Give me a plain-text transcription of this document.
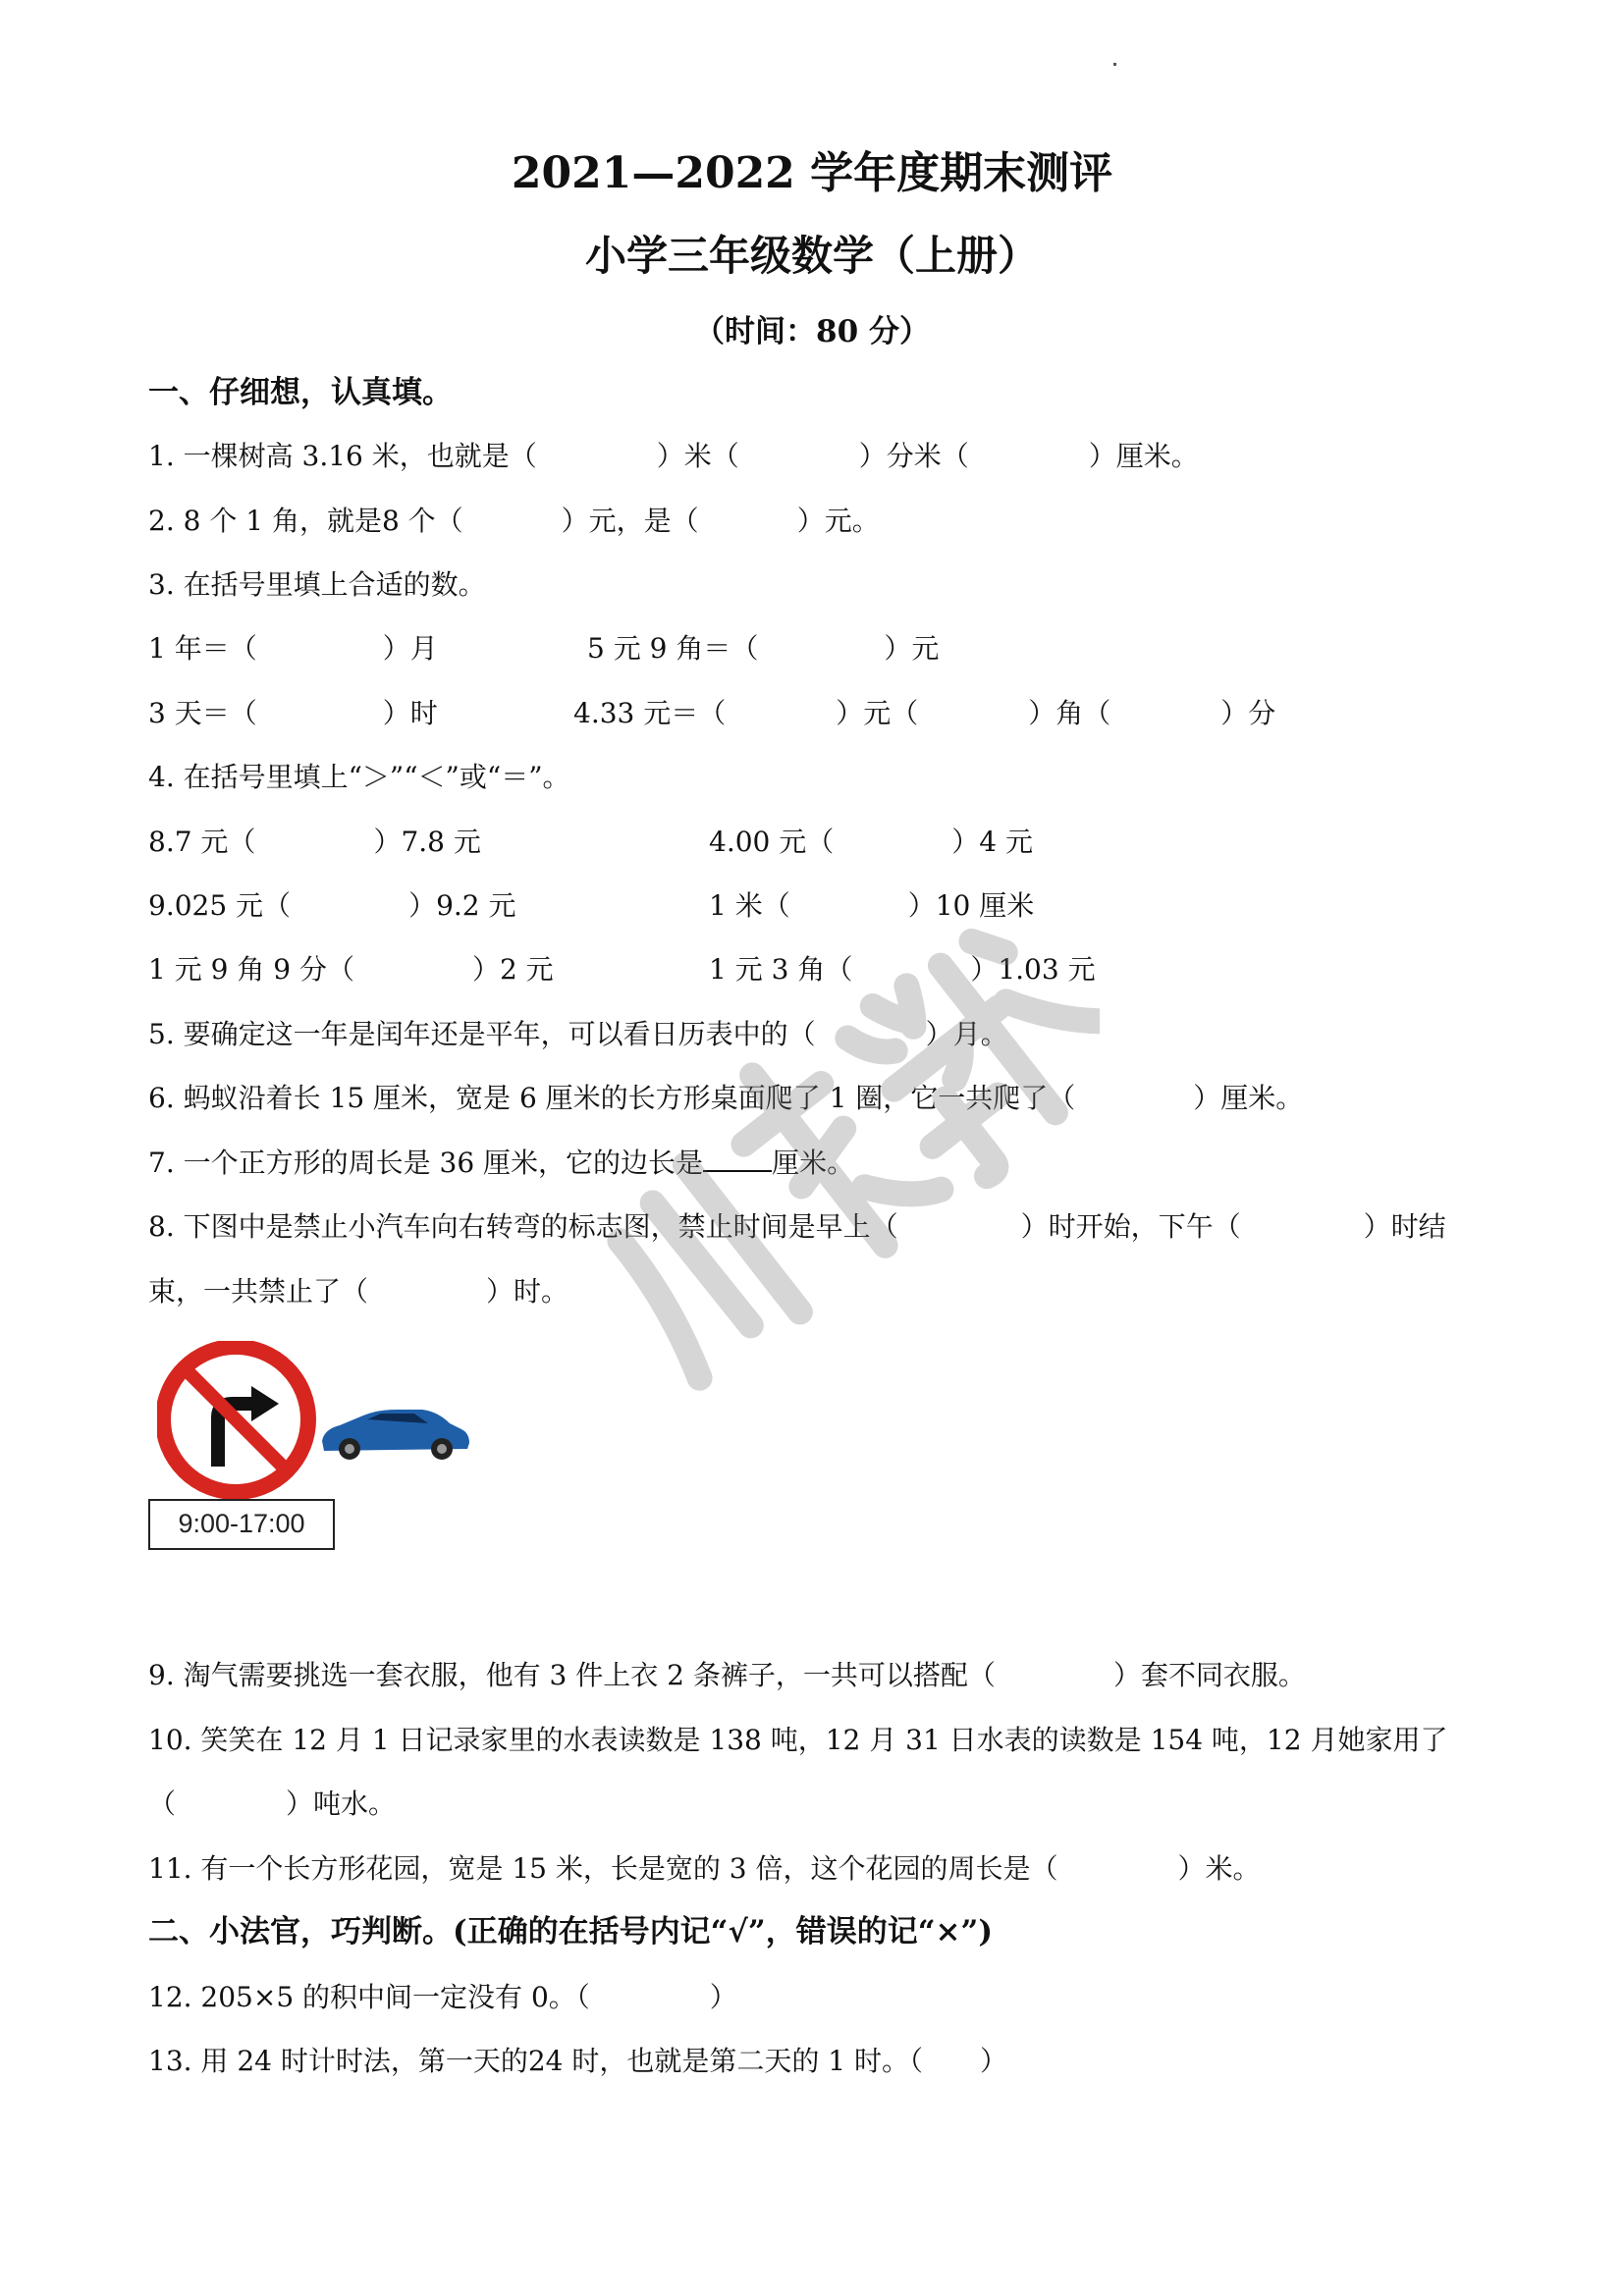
2021—2022 学年度期末测评
小学三年级数学（上册）
（时间：80 分）
一、仔细想，认真填。
1. 一棵树高 3.16 米，也就是（	）米（	）分米（	）厘米。
2. 8 个 1 角，就是8 个（	）元，是（	）元。
3. 在括号里填上合适的数。
1 年＝（	）月	5 元 9 角＝（	）元
3 天＝（	）时	4.33 元＝（	）元（	）角（	）分
4. 在括号里填上“＞”“＜”或“＝”。
8.7 元（	）7.8 元	4.00 元（	）4 元
9.025 元（	）9.2 元	1 米（	）10 厘米
1 元 9 角 9 分（	）2 元	1 元 3 角（	）1.03 元
5. 要确定这一年是闰年还是平年，可以看日历表中的（	）月。
6. 蚂蚁沿着长 15 厘米，宽是 6 厘米的长方形桌面爬了 1 圈，它一共爬了（	）厘米。
7. 一个正方形的周长是 36 厘米，它的边长是	厘米。
8. 下图中是禁止小汽车向右转弯的标志图，禁止时间是早上（	）时开始，下午（	）时结
束，一共禁止了（	）时。
9:00-17:00
9. 淘气需要挑选一套衣服，他有 3 件上衣 2 条裤子，一共可以搭配（	）套不同衣服。
10. 笑笑在 12 月 1 日记录家里的水表读数是 138 吨，12 月 31 日水表的读数是 154 吨，12 月她家用了
（	）吨水。
11. 有一个长方形花园，宽是 15 米，长是宽的 3 倍，这个花园的周长是（	）米。
二、小法官，巧判断。(正确的在括号内记“√”，错误的记“×”)
12. 205×5 的积中间一定没有 0。（	）
13. 用 24 时计时法，第一天的24 时，也就是第二天的 1 时。（ ）
